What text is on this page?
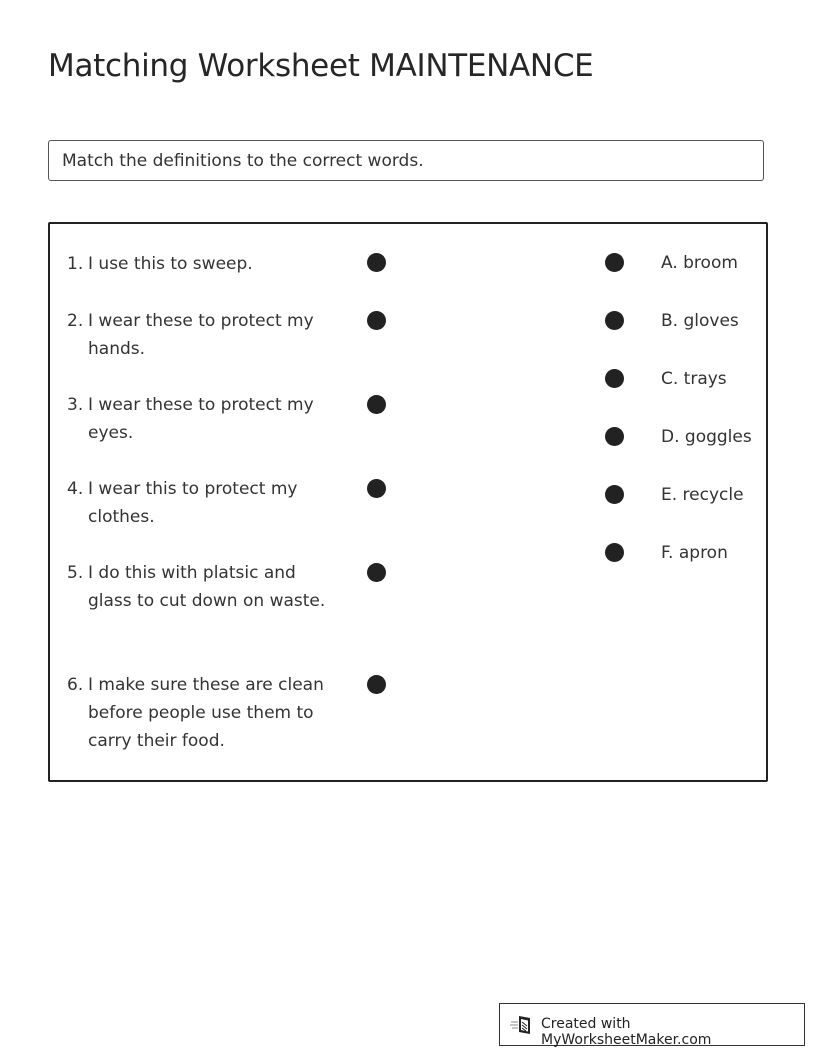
Matching Worksheet MAINTENANCE
Match the definitions to the correct words.
1. I use this to sweep.
2. I wear these to protect my hands.
3. I wear these to protect my eyes.
4. I wear this to protect my clothes.
5. I do this with platsic and glass to cut down on waste.
6. I make sure these are clean before people use them to carry their food.
A. broom
B. gloves
C. trays
D. goggles
E. recycle
F. apron
Created with MyWorksheetMaker.com
